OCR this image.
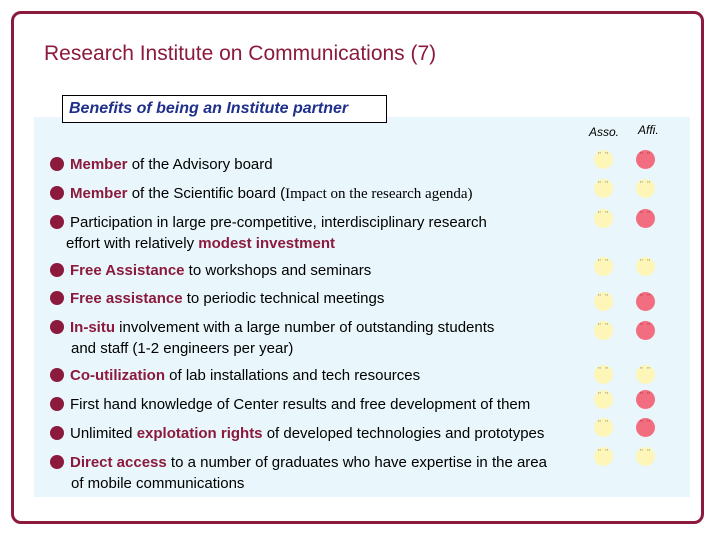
Research Institute on Communications (7)
Benefits of being an Institute partner
Asso. Affi.
Member of the Advisory board
Member of the Scientific board (Impact on the research agenda)
Participation in large pre-competitive, interdisciplinary research
effort with relatively modest investment
Free Assistance to workshops and seminars
Free assistance to periodic technical meetings
In-situ involvement with a large number of outstanding students
and staff (1-2 engineers per year)
Co-utilization of lab installations and tech resources
First hand knowledge of Center results and free development of them
Unlimited explotation rights of developed technologies and prototypes
Direct access to a number of graduates who have expertise in the area
of mobile communications
" "
" "
" "
" "
" "
" "
" "
" "
" "
" "
" "
" "
" "
" "
" "
" "
" "
" "
" "
" "
